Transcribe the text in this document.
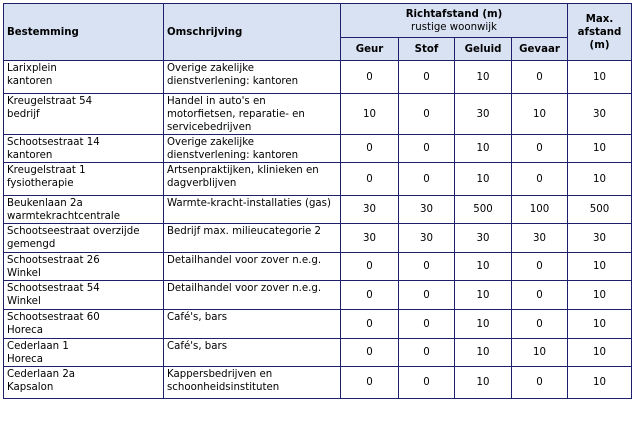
Bestemming	Omschrijving	Richtafstand (m)
rustige woonwijk				Max. afstand (m)
		Geur	Stof	Geluid	Gevaar	

Larixplein
kantoren	Overige zakelijke dienstverlening: kantoren	0	0	10	0	10

Kreugelstraat 54
bedrijf	Handel in auto's en motorfietsen, reparatie- en servicebedrijven	10	0	30	10	30

Schootsestraat 14
kantoren	Overige zakelijke dienstverlening: kantoren	0	0	10	0	10

Kreugelstraat 1
fysiotherapie	Artsenpraktijken, klinieken en dagverblijven	0	0	10	0	10

Beukenlaan 2a
warmtekrachtcentrale	Warmte-kracht-installaties (gas)	30	30	500	100	500

Schootseestraat overzijde
gemengd	Bedrijf max. milieucategorie 2	30	30	30	30	30

Schootsestraat 26
Winkel	Detailhandel voor zover n.e.g.	0	0	10	0	10

Schootsestraat 54
Winkel	Detailhandel voor zover n.e.g.	0	0	10	0	10

Schootsestraat 60
Horeca	Café's, bars	0	0	10	0	10

Cederlaan 1
Horeca	Café's, bars	0	0	10	10	10

Cederlaan 2a
Kapsalon	Kappersbedrijven en schoonheidsinstituten	0	0	10	0	10
